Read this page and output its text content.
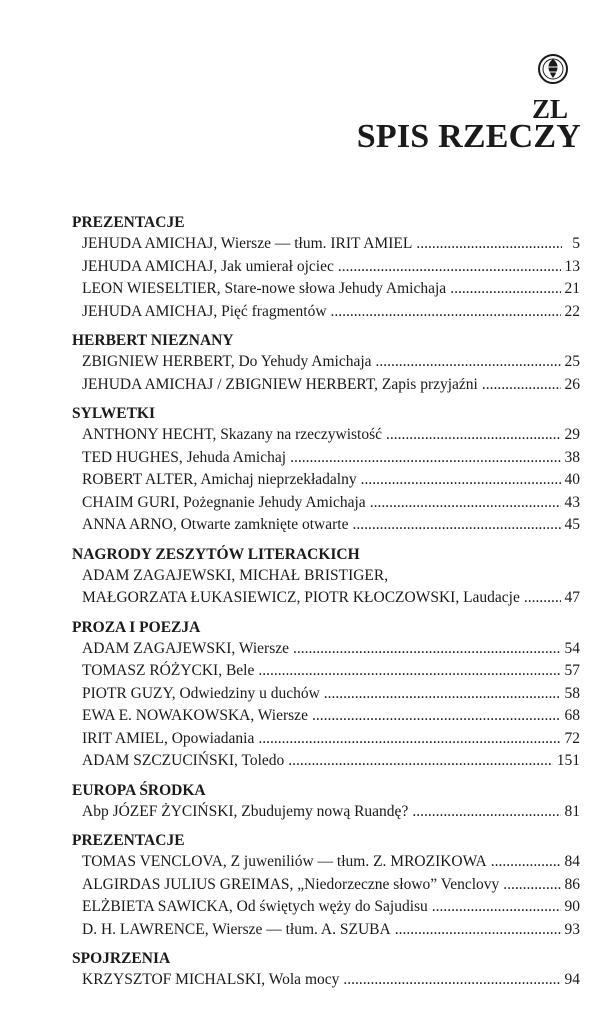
ZL
SPIS RZECZY
PREZENTACJE
JEHUDA AMICHAJ, Wiersze — tłum. IRIT AMIEL .....	5
JEHUDA AMICHAJ, Jak umierał ojciec .....	13
LEON WIESELTIER, Stare-nowe słowa Jehudy Amichaja .....	21
JEHUDA AMICHAJ, Pięć fragmentów .....	22
HERBERT NIEZNANY
ZBIGNIEW HERBERT, Do Yehudy Amichaja .....	25
JEHUDA AMICHAJ / ZBIGNIEW HERBERT, Zapis przyjaźni .....	26
SYLWETKI
ANTHONY HECHT, Skazany na rzeczywistość .....	29
TED HUGHES, Jehuda Amichaj .....	38
ROBERT ALTER, Amichaj nieprzekładalny .....	40
CHAIM GURI, Pożegnanie Jehudy Amichaja .....	43
ANNA ARNO, Otwarte zamknięte otwarte .....	45
NAGRODY ZESZYTÓW LITERACKICH
ADAM ZAGAJEWSKI, MICHAŁ BRISTIGER,
MAŁGORZATA ŁUKASIEWICZ, PIOTR KŁOCZOWSKI, Laudacje .....	47
PROZA I POEZJA
ADAM ZAGAJEWSKI, Wiersze .....	54
TOMASZ RÓŻYCKI, Bele .....	57
PIOTR GUZY, Odwiedziny u duchów .....	58
EWA E. NOWAKOWSKA, Wiersze .....	68
IRIT AMIEL, Opowiadania .....	72
ADAM SZCZUCIŃSKI, Toledo .....	151
EUROPA ŚRODKA
Abp JÓZEF ŻYCIŃSKI, Zbudujemy nową Ruandę? .....	81
PREZENTACJE
TOMAS VENCLOVA, Z juweniliów — tłum. Z. MROZIKOWA .....	84
ALGIRDAS JULIUS GREIMAS, „Niedorzeczne słowo” Venclovy .....	86
ELŻBIETA SAWICKA, Od świętych węży do Sajudisu .....	90
D. H. LAWRENCE, Wiersze — tłum. A. SZUBA .....	93
SPOJRZENIA
KRZYSZTOF MICHALSKI, Wola mocy .....	94
